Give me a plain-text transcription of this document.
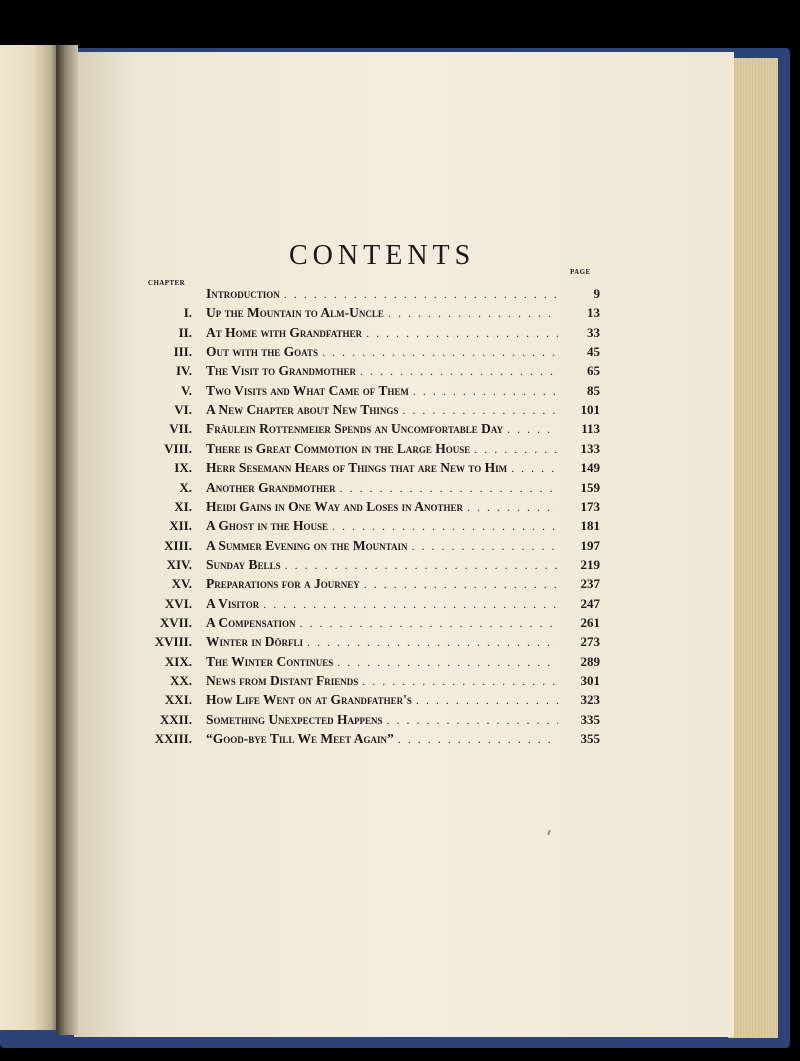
CONTENTS
CHAPTER
PAGE
Introduction . . .	9
I. Up the Mountain to Alm-Uncle . . .	13
II. At Home with Grandfather . . .	33
III. Out with the Goats . . .	45
IV. The Visit to Grandmother . . .	65
V. Two Visits and What Came of Them . . .	85
VI. A New Chapter about New Things . . .	101
VII. Fräulein Rottenmeier Spends an Uncomfortable Day . . .	113
VIII. There is Great Commotion in the Large House . . .	133
IX. Herr Sesemann Hears of Things that are New to Him . . .	149
X. Another Grandmother . . .	159
XI. Heidi Gains in One Way and Loses in Another . . .	173
XII. A Ghost in the House . . .	181
XIII. A Summer Evening on the Mountain . . .	197
XIV. Sunday Bells . . .	219
XV. Preparations for a Journey . . .	237
XVI. A Visitor . . .	247
XVII. A Compensation . . .	261
XVIII. Winter in Dörfli . . .	273
XIX. The Winter Continues . . .	289
XX. News from Distant Friends . . .	301
XXI. How Life Went on at Grandfather's . . .	323
XXII. Something Unexpected Happens . . .	335
XXIII. “Good-bye Till We Meet Again” . . .	355
